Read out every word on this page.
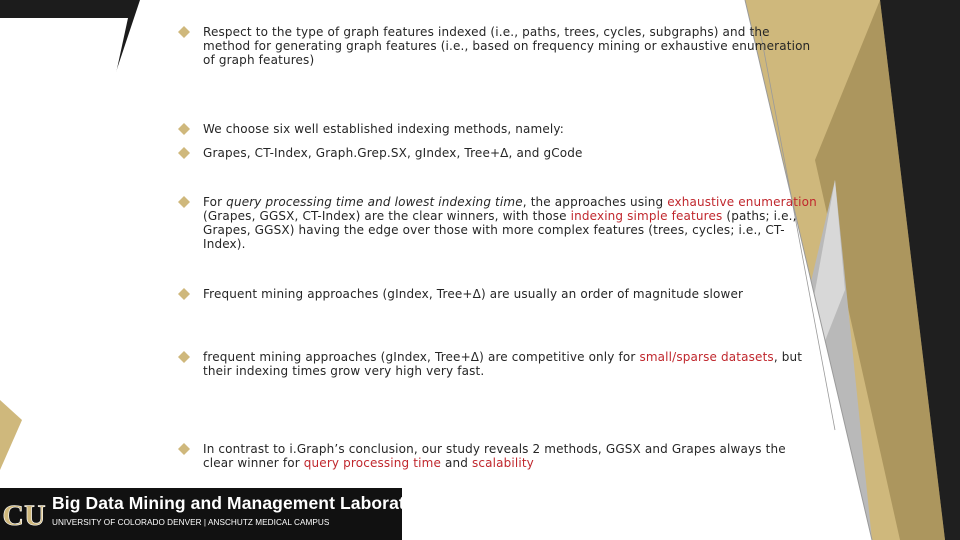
Respect to the type of graph features indexed (i.e., paths, trees, cycles, subgraphs) and the method for generating graph features (i.e., based on frequency mining or exhaustive enumeration of graph features)
We choose six well established indexing methods, namely:
Grapes, CT-Index, Graph.Grep.SX, gIndex, Tree+Δ, and gCode
For query processing time and lowest indexing time, the approaches using exhaustive enumeration (Grapes, GGSX, CT-Index) are the clear winners, with those indexing simple features (paths; i.e., Grapes, GGSX) having the edge over those with more complex features (trees, cycles; i.e., CT-Index).
Frequent mining approaches (gIndex, Tree+Δ) are usually an order of magnitude slower
frequent mining approaches (gIndex, Tree+Δ) are competitive only for small/sparse datasets, but their indexing times grow very high very fast.
In contrast to i.Graph’s conclusion, our study reveals 2 methods, GGSX and Grapes always the clear winner for query processing time and scalability
CU Big Data Mining and Management Laboratory
UNIVERSITY OF COLORADO DENVER | ANSCHUTZ MEDICAL CAMPUS
